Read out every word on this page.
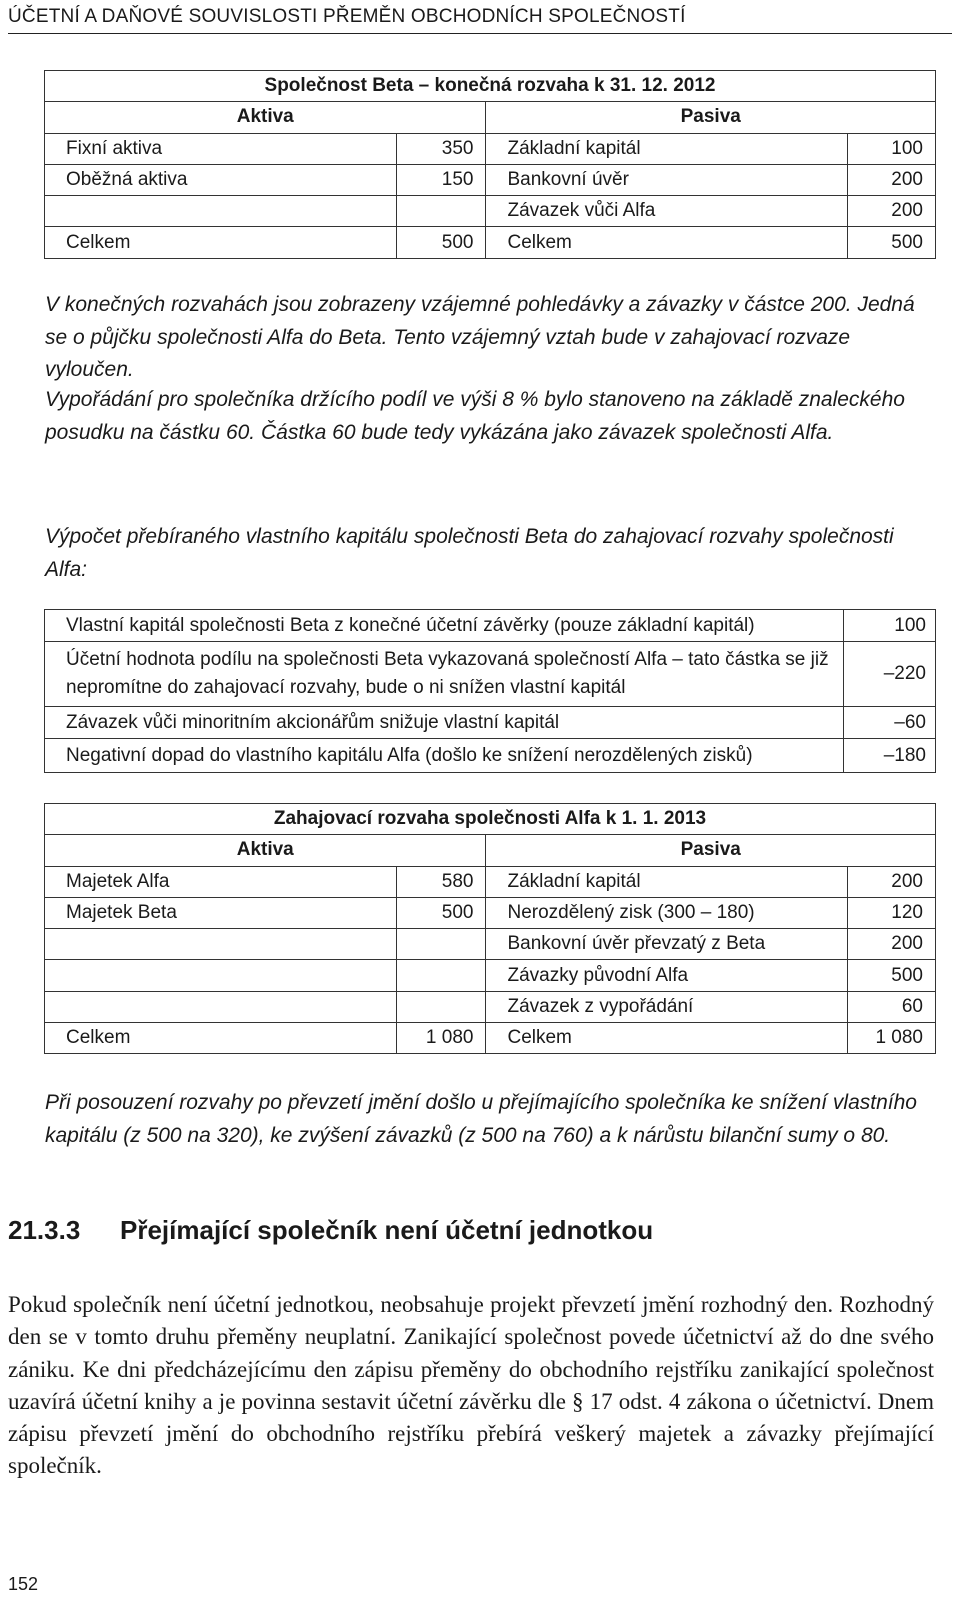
ÚČETNÍ A DAŇOVÉ SOUVISLOSTI PŘEMĚN OBCHODNÍCH SPOLEČNOSTÍ
Společnost Beta – konečná rozvaha k 31. 12. 2012			
Aktiva		Pasiva	
Fixní aktiva	350	Základní kapitál	100
Oběžná aktiva	150	Bankovní úvěr	200
		Závazek vůči Alfa	200
Celkem	500	Celkem	500

V konečných rozvahách jsou zobrazeny vzájemné pohledávky a závazky v částce 200. Jedná se o půjčku společnosti Alfa do Beta. Tento vzájemný vztah bude v zahajovací rozvaze vyloučen.

Vypořádání pro společníka držícího podíl ve výši 8 % bylo stanoveno na základě znaleckého posudku na částku 60. Částka 60 bude tedy vykázána jako závazek společnosti Alfa.

Výpočet přebíraného vlastního kapitálu společnosti Beta do zahajovací rozvahy společnosti Alfa:

Vlastní kapitál společnosti Beta z konečné účetní závěrky (pouze základní kapitál)	100
Účetní hodnota podílu na společnosti Beta vykazovaná společností Alfa – tato částka se již nepromítne do zahajovací rozvahy, bude o ni snížen vlastní kapitál	–220
Závazek vůči minoritním akcionářům snižuje vlastní kapitál	–60
Negativní dopad do vlastního kapitálu Alfa (došlo ke snížení nerozdělených zisků)	–180
Zahajovací rozvaha společnosti Alfa k 1. 1. 2013			
Aktiva		Pasiva	
Majetek Alfa	580	Základní kapitál	200
Majetek Beta	500	Nerozdělený zisk (300 – 180)	120
		Bankovní úvěr převzatý z Beta	200
		Závazky původní Alfa	500
		Závazek z vypořádání	60
Celkem	1 080	Celkem	1 080

Při posouzení rozvahy po převzetí jmění došlo u přejímajícího společníka ke snížení vlastního kapitálu (z 500 na 320), ke zvýšení závazků (z 500 na 760) a k nárůstu bilanční sumy o 80.

21.3.3 Přejímající společník není účetní jednotkou

Pokud společník není účetní jednotkou, neobsahuje projekt převzetí jmění rozhodný den. Rozhodný den se v tomto druhu přeměny neuplatní. Zanikající společnost povede účetnictví až do dne svého zániku. Ke dni předcházejícímu den zápisu přeměny do obchodního rejstříku zanikající společnost uzavírá účetní knihy a je povinna sestavit účetní závěrku dle § 17 odst. 4 zákona o účetnictví. Dnem zápisu převzetí jmění do obchodního rejstříku přebírá veškerý majetek a závazky přejímající společník.

152
